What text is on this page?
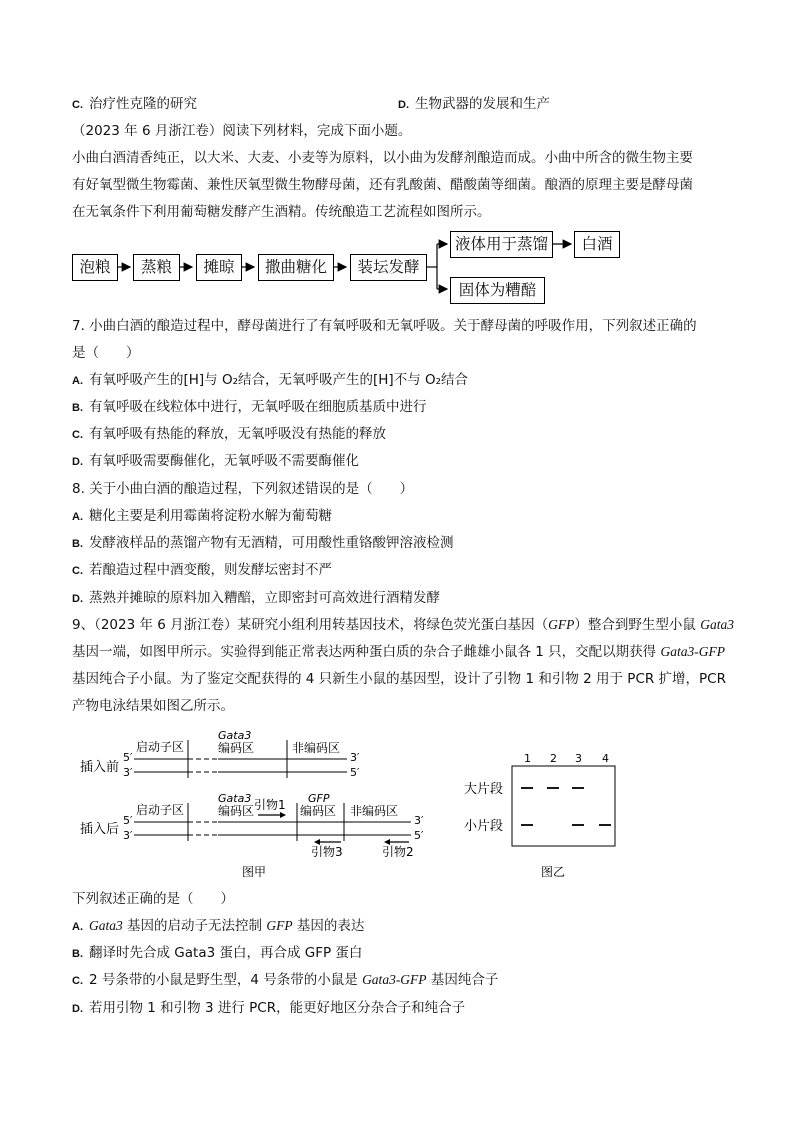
C. 治疗性克隆的研究	D. 生物武器的发展和生产
（2023 年 6 月浙江卷）阅读下列材料，完成下面小题。
小曲白酒清香纯正，以大米、大麦、小麦等为原料，以小曲为发酵剂酿造而成。小曲中所含的微生物主要
有好氧型微生物霉菌、兼性厌氧型微生物酵母菌，还有乳酸菌、醋酸菌等细菌。酿酒的原理主要是酵母菌
在无氧条件下利用葡萄糖发酵产生酒精。传统酿造工艺流程如图所示。
泡粮	蒸粮	摊晾	撒曲糖化	装坛发酵
液体用于蒸馏	白酒
固体为糟醅
7. 小曲白酒的酿造过程中，酵母菌进行了有氧呼吸和无氧呼吸。关于酵母菌的呼吸作用，下列叙述正确的
是（　　）
A. 有氧呼吸产生的[H]与 O₂结合，无氧呼吸产生的[H]不与 O₂结合
B. 有氧呼吸在线粒体中进行，无氧呼吸在细胞质基质中进行
C. 有氧呼吸有热能的释放，无氧呼吸没有热能的释放
D. 有氧呼吸需要酶催化，无氧呼吸不需要酶催化
8. 关于小曲白酒的酿造过程，下列叙述错误的是（　　）
A. 糖化主要是利用霉菌将淀粉水解为葡萄糖
B. 发酵液样品的蒸馏产物有无酒精，可用酸性重铬酸钾溶液检测
C. 若酿造过程中酒变酸，则发酵坛密封不严
D. 蒸熟并摊晾的原料加入糟醅，立即密封可高效进行酒精发酵
9、（2023 年 6 月浙江卷）某研究小组利用转基因技术，将绿色荧光蛋白基因（GFP）整合到野生型小鼠 Gata3
基因一端，如图甲所示。实验得到能正常表达两种蛋白质的杂合子雌雄小鼠各 1 只，交配以期获得 Gata3-GFP
基因纯合子小鼠。为了鉴定交配获得的 4 只新生小鼠的基因型，设计了引物 1 和引物 2 用于 PCR 扩增，PCR
产物电泳结果如图乙所示。
插入前
插入后
5′
3′
3′
5′
启动子区
Gata3
编码区	非编码区
5′
3′
3′
5′
启动子区
Gata3
编码区 引物1 GFP
编码区 非编码区
引物3	引物2
图甲
1 2 3 4
大片段
小片段
图乙
下列叙述正确的是（　　）
A. Gata3 基因的启动子无法控制 GFP 基因的表达
B. 翻译时先合成 Gata3 蛋白，再合成 GFP 蛋白
C. 2 号条带的小鼠是野生型，4 号条带的小鼠是 Gata3-GFP 基因纯合子
D. 若用引物 1 和引物 3 进行 PCR，能更好地区分杂合子和纯合子
